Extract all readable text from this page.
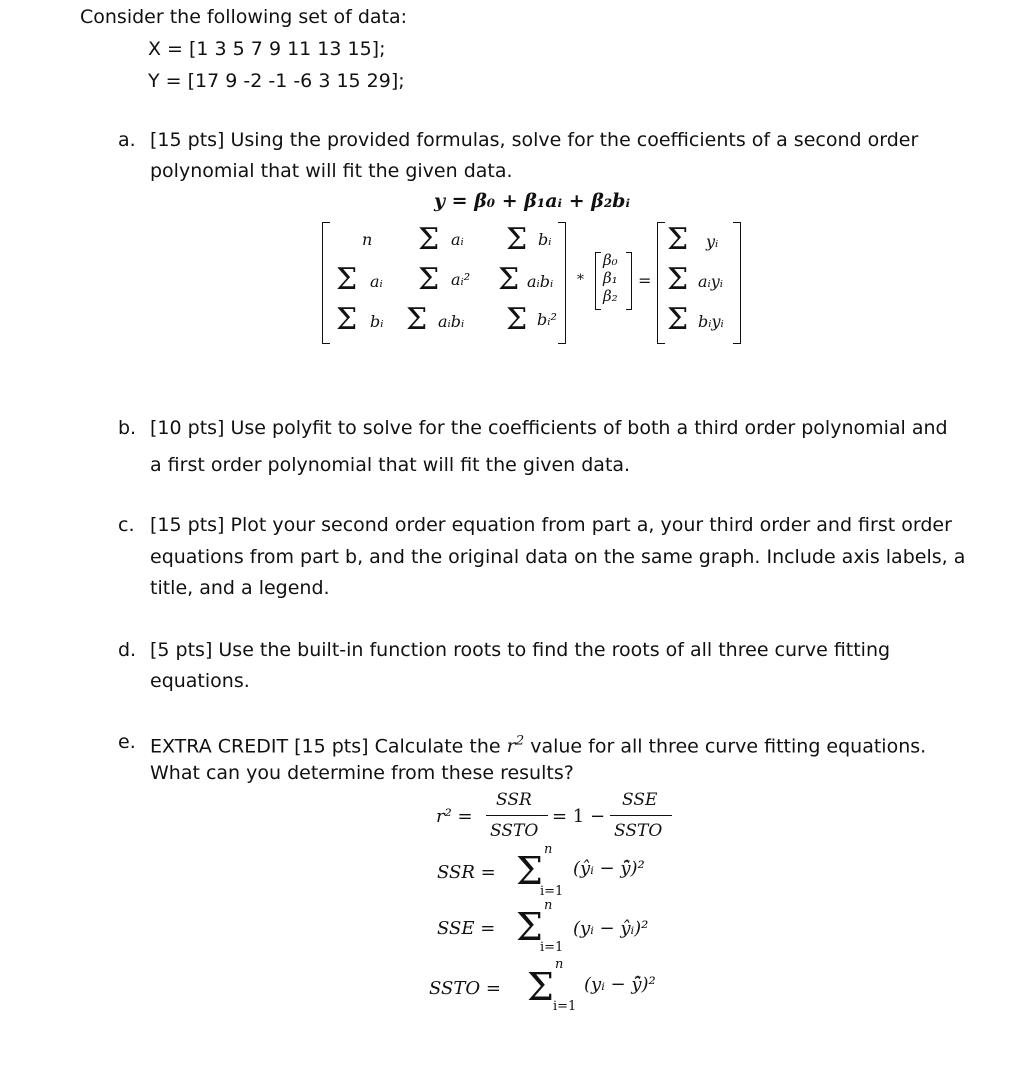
Consider the following set of data:
X = [1 3 5 7 9 11 13 15];
Y = [17 9 -2 -1 -6 3 15 29];
a. [15 pts] Using the provided formulas, solve for the coefficients of a second order
polynomial that will fit the given data.
y = β₀ + β₁aᵢ + β₂bᵢ
n Σ aᵢ Σ bᵢ
Σ aᵢ Σ aᵢ² Σ aᵢbᵢ
Σ bᵢ Σ aᵢbᵢ Σ bᵢ²
*
β₀
β₁
β₂
=
Σ yᵢ
Σ aᵢyᵢ
Σ bᵢyᵢ
b. [10 pts] Use polyfit to solve for the coefficients of both a third order polynomial and
a first order polynomial that will fit the given data.
c. [15 pts] Plot your second order equation from part a, your third order and first order
equations from part b, and the original data on the same graph. Include axis labels, a
title, and a legend.
d. [5 pts] Use the built-in function roots to find the roots of all three curve fitting
equations.
e. EXTRA CREDIT [15 pts] Calculate the $r^2$ value for all three curve fitting equations.
What can you determine from these results?
r² =
SSR
SSTO
= 1 −
SSE
SSTO
SSR = Σ n
i=1
(ŷᵢ − ȳ̂)²
SSE = Σ n
i=1
(yᵢ − ŷᵢ)²
SSTO = Σ
n
i=1
(yᵢ − ȳ̂)²
